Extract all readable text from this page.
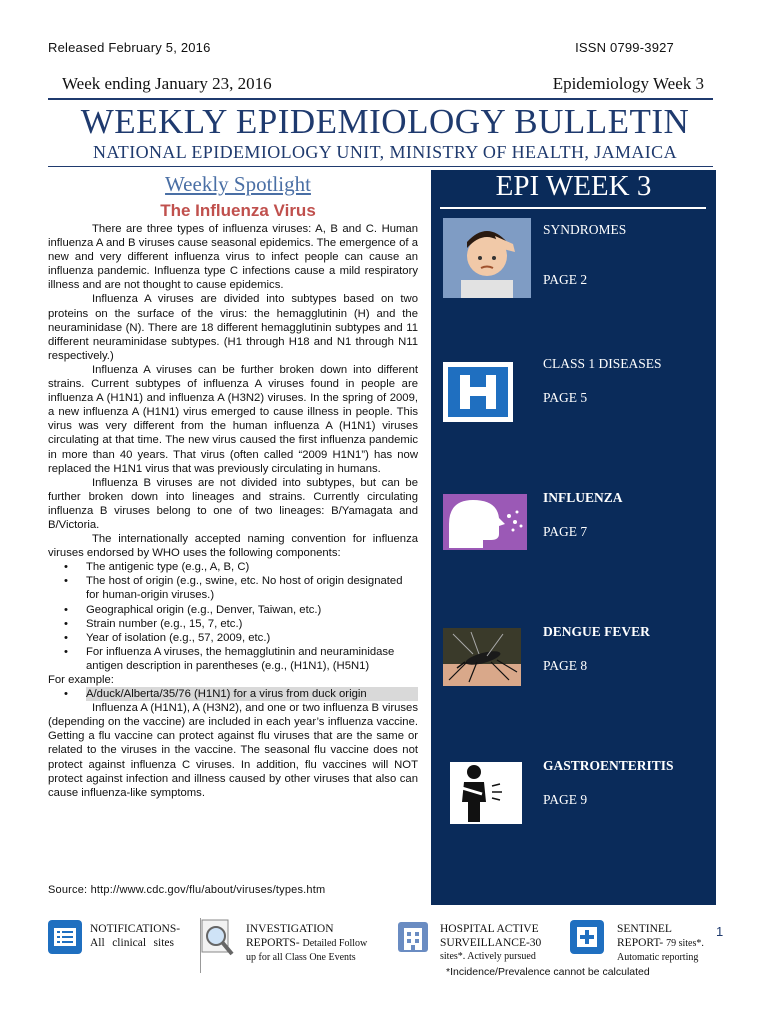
Released February 5, 2016	ISSN 0799-3927
Week ending January 23, 2016	Epidemiology Week 3
WEEKLY EPIDEMIOLOGY BULLETIN
NATIONAL EPIDEMIOLOGY UNIT, MINISTRY OF HEALTH, JAMAICA
Weekly Spotlight
The Influenza Virus

There are three types of influenza viruses: A, B and C. Human influenza A and B viruses cause seasonal epidemics. The emergence of a new and very different influenza virus to infect people can cause an influenza pandemic. Influenza type C infections cause a mild respiratory illness and are not thought to cause epidemics.

Influenza A viruses are divided into subtypes based on two proteins on the surface of the virus: the hemagglutinin (H) and the neuraminidase (N). There are 18 different hemagglutinin subtypes and 11 different neuraminidase subtypes. (H1 through H18 and N1 through N11 respectively.)

Influenza A viruses can be further broken down into different strains. Current subtypes of influenza A viruses found in people are influenza A (H1N1) and influenza A (H3N2) viruses. In the spring of 2009, a new influenza A (H1N1) virus emerged to cause illness in people. This virus was very different from the human influenza A (H1N1) viruses circulating at that time. The new virus caused the first influenza pandemic in more than 40 years. That virus (often called “2009 H1N1”) has now replaced the H1N1 virus that was previously circulating in humans.

Influenza B viruses are not divided into subtypes, but can be further broken down into lineages and strains. Currently circulating influenza B viruses belong to one of two lineages: B/Yamagata and B/Victoria.

The internationally accepted naming convention for influenza viruses endorsed by WHO uses the following components:

• The antigenic type (e.g., A, B, C)
• The host of origin (e.g., swine, etc. No host of origin designated for human-origin viruses.)
• Geographical origin (e.g., Denver, Taiwan, etc.)
• Strain number (e.g., 15, 7, etc.)
• Year of isolation (e.g., 57, 2009, etc.)
• For influenza A viruses, the hemagglutinin and neuraminidase antigen description in parentheses (e.g., (H1N1), (H5N1)

For example:

• A/duck/Alberta/35/76 (H1N1) for a virus from duck origin

Influenza A (H1N1), A (H3N2), and one or two influenza B viruses (depending on the vaccine) are included in each year’s influenza vaccine. Getting a flu vaccine can protect against flu viruses that are the same or related to the viruses in the vaccine. The seasonal flu vaccine does not protect against influenza C viruses. In addition, flu vaccines will NOT protect against infection and illness caused by other viruses that also can cause influenza-like symptoms.

Source: http://www.cdc.gov/flu/about/viruses/types.htm
EPI WEEK 3
SYNDROMES
PAGE 2
CLASS 1 DISEASES
PAGE 5
INFLUENZA
PAGE 7
DENGUE FEVER
PAGE 8
GASTROENTERITIS
PAGE 9
NOTIFICATIONS-
All clinical sites
INVESTIGATION
REPORTS- Detailed Follow
up for all Class One Events
HOSPITAL ACTIVE
SURVEILLANCE-30
sites*. Actively pursued
SENTINEL
REPORT- 79 sites*.
Automatic reporting
1
*Incidence/Prevalence cannot be calculated
